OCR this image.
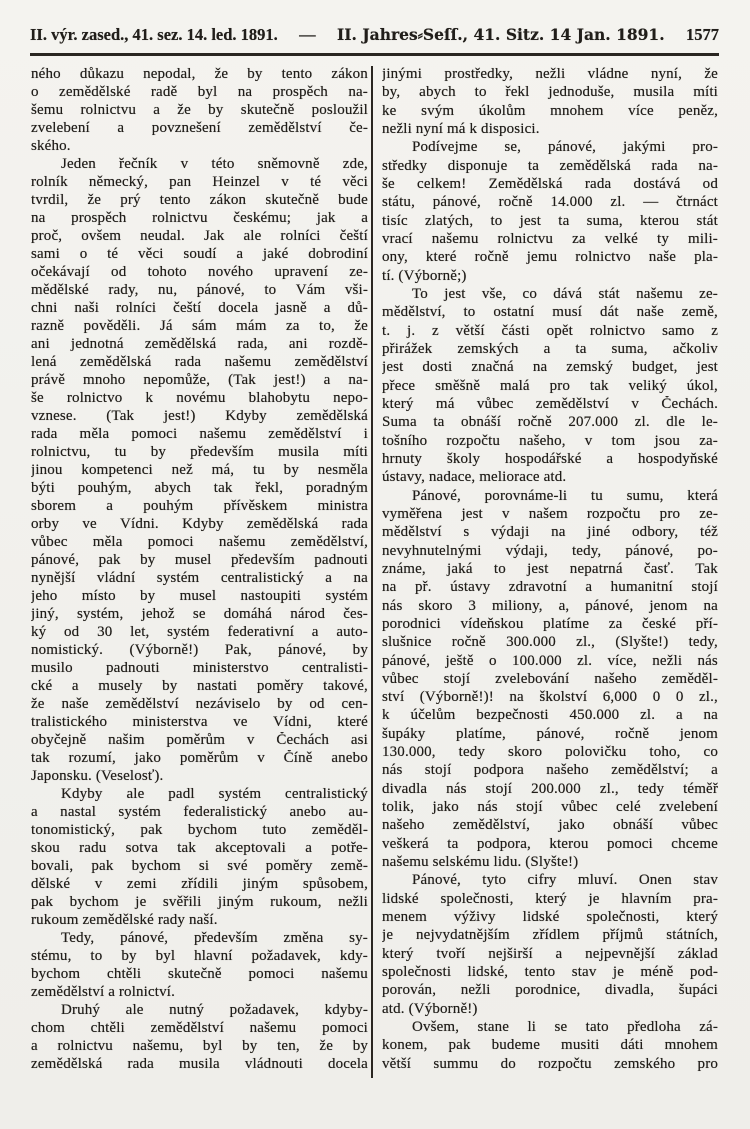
II. výr. zased., 41. sez. 14. led. 1891. — II. Jahres⸗Seſſ., 41. Sitz. 14 Jan. 1891. 1577
ného důkazu nepodal, že by tento zákon
o zemědělské radě byl na prospěch na-
šemu rolnictvu a že by skutečně posloužil
zvelebení a povznešení zemědělství če-
ského.
Jeden řečník v této sněmovně zde,
rolník německý, pan Heinzel v té věci
tvrdil, že prý tento zákon skutečně bude
na prospěch rolnictvu českému; jak a
proč, ovšem neudal. Jak ale rolníci čeští
sami o té věci soudí a jaké dobrodiní
očekávají od tohoto nového upravení ze-
mědělské rady, nu, pánové, to Vám vši-
chni naši rolníci čeští docela jasně a dů-
razně pověděli. Já sám mám za to, že
ani jednotná zemědělská rada, ani rozdě-
lená zemědělská rada našemu zemědělství
právě mnoho nepomůže, (Tak jest!) a na-
še rolnictvo k novému blahobytu nepo-
vznese. (Tak jest!) Kdyby zemědělská
rada měla pomoci našemu zemědělství i
rolnictvu, tu by především musila míti
jinou kompetenci než má, tu by nesměla
býti pouhým, abych tak řekl, poradným
sborem a pouhým přívěskem ministra
orby ve Vídni. Kdyby zemědělská rada
vůbec měla pomoci našemu zemědělství,
pánové, pak by musel především padnouti
nynější vládní systém centralistický a na
jeho místo by musel nastoupiti systém
jiný, systém, jehož se domáhá národ čes-
ký od 30 let, systém federativní a auto-
nomistický. (Výborně!) Pak, pánové, by
musilo padnouti ministerstvo centralisti-
cké a musely by nastati poměry takové,
že naše zemědělství nezáviselo by od cen-
tralistického ministerstva ve Vídni, které
obyčejně našim poměrům v Čechách asi
tak rozumí, jako poměrům v Číně anebo
Japonsku. (Veselosť).
Kdyby ale padl systém centralistický
a nastal systém federalistický anebo au-
tonomistický, pak bychom tuto zeměděl-
skou radu sotva tak akceptovali a potře-
bovali, pak bychom si své poměry země-
dělské v zemi zřídili jiným spůsobem,
pak bychom je svěřili jiným rukoum, nežli
rukoum zemědělské rady naší.
Tedy, pánové, především změna sy-
stému, to by byl hlavní požadavek, kdy-
bychom chtěli skutečně pomoci našemu
zemědělství a rolnictví.
Druhý ale nutný požadavek, kdyby-
chom chtěli zemědělství našemu pomoci
a rolnictvu našemu, byl by ten, že by
zemědělská rada musila vládnouti docela
jinými prostředky, nežli vládne nyní, že
by, abych to řekl jednoduše, musila míti
ke svým úkolům mnohem více peněz,
nežli nyní má k disposici.
Podívejme se, pánové, jakými pro-
středky disponuje ta zemědělská rada na-
še celkem! Zemědělská rada dostává od
státu, pánové, ročně 14.000 zl. — čtrnáct
tisíc zlatých, to jest ta suma, kterou stát
vrací našemu rolnictvu za velké ty mili-
ony, které ročně jemu rolnictvo naše pla-
tí. (Výborně;)
To jest vše, co dává stát našemu ze-
mědělství, to ostatní musí dát naše země,
t. j. z větší části opět rolnictvo samo z
přirážek zemských a ta suma, ačkoliv
jest dosti značná na zemský budget, jest
přece směšně malá pro tak veliký úkol,
který má vůbec zemědělství v Čechách.
Suma ta obnáší ročně 207.000 zl. dle le-
tošního rozpočtu našeho, v tom jsou za-
hrnuty školy hospodářské a hospodyňské
ústavy, nadace, meliorace atd.
Pánové, porovnáme-li tu sumu, která
vyměřena jest v našem rozpočtu pro ze-
mědělství s výdaji na jiné odbory, též
nevyhnutelnými výdaji, tedy, pánové, po-
známe, jaká to jest nepatrná časť. Tak
na př. ústavy zdravotní a humanitní stojí
nás skoro 3 miliony, a, pánové, jenom na
porodnici vídeňskou platíme za české pří-
slušnice ročně 300.000 zl., (Slyšte!) tedy,
pánové, ještě o 100.000 zl. více, nežli nás
vůbec stojí zvelebování našeho zeměděl-
ství (Výborně!)! na školství 6,000 0 0 zl.,
k účelům bezpečnosti 450.000 zl. a na
šupáky platíme, pánové, ročně jenom
130.000, tedy skoro polovičku toho, co
nás stojí podpora našeho zemědělství; a
divadla nás stojí 200.000 zl., tedy téměř
tolik, jako nás stojí vůbec celé zvelebení
našeho zemědělství, jako obnáší vůbec
veškerá ta podpora, kterou pomoci chceme
našemu selskému lidu. (Slyšte!)
Pánové, tyto cifry mluví. Onen stav
lidské společnosti, který je hlavním pra-
menem výživy lidské společnosti, který
je nejvydatnějším zřídlem příjmů státních,
který tvoří nejširší a nejpevnější základ
společnosti lidské, tento stav je méně pod-
porován, nežli porodnice, divadla, šupáci
atd. (Výborně!)
Ovšem, stane li se tato předloha zá-
konem, pak budeme musiti dáti mnohem
větší summu do rozpočtu zemského pro
